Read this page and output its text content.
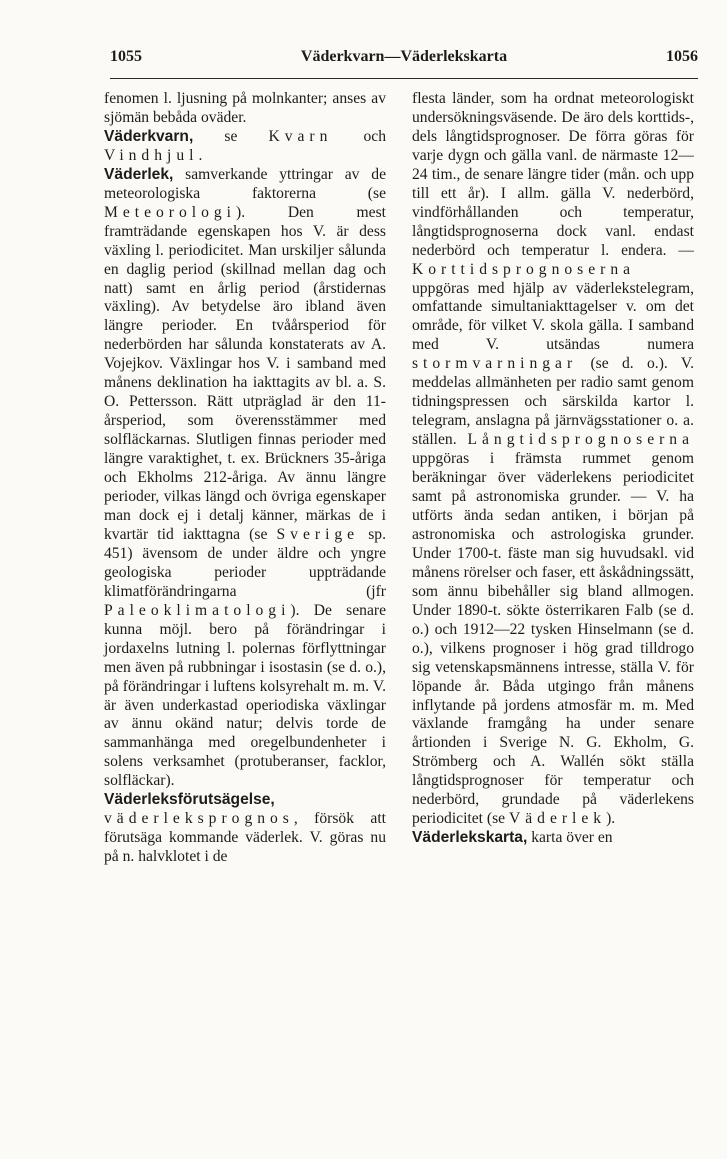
1055	Väderkvarn—Väderlekskarta	1056

fenomen l. ljusning på molnkanter; anses av sjömän bebåda oväder.

Väderkvarn, se Kvarn och Vindhjul.

Väderlek, samverkande yttringar av de meteorologiska faktorerna (se Meteorologi). Den mest framträdande egenskapen hos V. är dess växling l. periodicitet. Man urskiljer sålunda en daglig period (skillnad mellan dag och natt) samt en årlig period (årstidernas växling). Av betydelse äro ibland även längre perioder. En tvåårsperiod för nederbörden har sålunda konstaterats av A. Vojejkov. Växlingar hos V. i samband med månens deklination ha iakttagits av bl. a. S. O. Pettersson. Rätt utpräglad är den 11-årsperiod, som överensstämmer med solfläckarnas. Slutligen finnas perioder med längre varaktighet, t. ex. Brückners 35-åriga och Ekholms 212-åriga. Av ännu längre perioder, vilkas längd och övriga egenskaper man dock ej i detalj känner, märkas de i kvartär tid iakttagna (se Sverige sp. 451) ävensom de under äldre och yngre geologiska perioder uppträdande klimatförändringarna (jfr Paleoklimatologi). De senare kunna möjl. bero på förändringar i jordaxelns lutning l. polernas förflyttningar men även på rubbningar i isostasin (se d. o.), på förändringar i luftens kolsyrehalt m. m. V. är även underkastad operiodiska växlingar av ännu okänd natur; delvis torde de sammanhänga med oregelbundenheter i solens verksamhet (protuberanser, facklor, solfläckar).

Väderleksförutsägelse, väderleksprognos, försök att förutsäga kommande väderlek. V. göras nu på n. halvklotet i de

flesta länder, som ha ordnat meteorologiskt undersökningsväsende. De äro dels korttids-, dels långtidsprognoser. De förra göras för varje dygn och gälla vanl. de närmaste 12—24 tim., de senare längre tider (mån. och upp till ett år). I allm. gälla V. nederbörd, vindförhållanden och temperatur, långtidsprognoserna dock vanl. endast nederbörd och temperatur l. endera. — Korttidsprognoserna uppgöras med hjälp av väderlekstelegram, omfattande simultaniakttagelser v. om det område, för vilket V. skola gälla. I samband med V. utsändas numera stormvarningar (se d. o.). V. meddelas allmänheten per radio samt genom tidningspressen och särskilda kartor l. telegram, anslagna på järnvägsstationer o. a. ställen. Långtidsprognoserna uppgöras i främsta rummet genom beräkningar över väderlekens periodicitet samt på astronomiska grunder. — V. ha utförts ända sedan antiken, i början på astronomiska och astrologiska grunder. Under 1700-t. fäste man sig huvudsakl. vid månens rörelser och faser, ett åskådningssätt, som ännu bibehåller sig bland allmogen. Under 1890-t. sökte österrikaren Falb (se d. o.) och 1912—22 tysken Hinselmann (se d. o.), vilkens prognoser i hög grad tilldrogo sig vetenskapsmännens intresse, ställa V. för löpande år. Båda utgingo från månens inflytande på jordens atmosfär m. m. Med växlande framgång ha under senare årtionden i Sverige N. G. Ekholm, G. Strömberg och A. Wallén sökt ställa långtidsprognoser för temperatur och nederbörd, grundade på väderlekens periodicitet (se Väderlek).

Väderlekskarta, karta över en
